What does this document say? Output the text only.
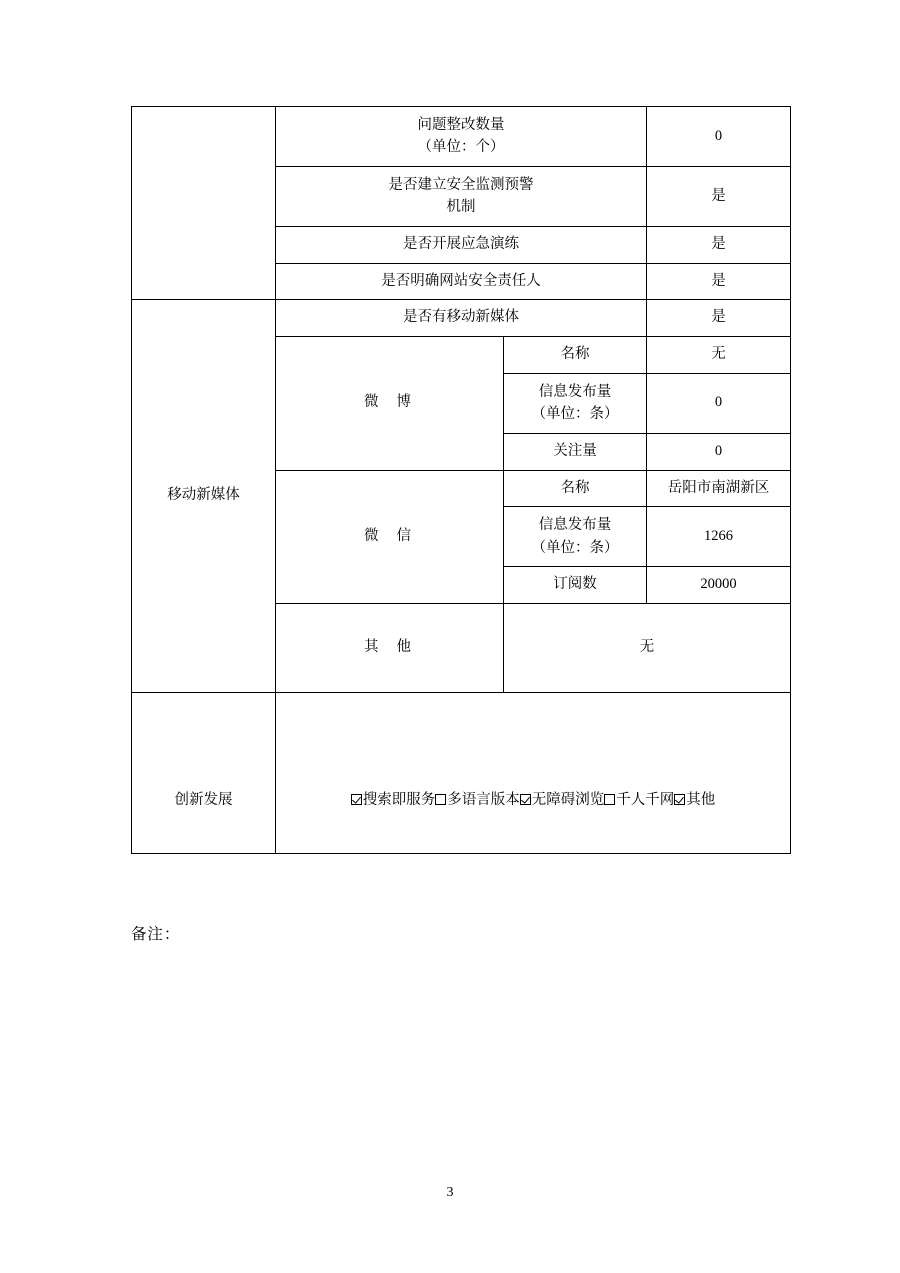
	问题整改数量
（单位：个）		0

	是否建立安全监测预警
机制		是

	是否开展应急演练		是

	是否明确网站安全责任人		是

移动新媒体	是否有移动新媒体		是

	微 博	名称	无

		信息发布量
（单位：条）	0

		关注量	0

	微 信	名称	岳阳市南湖新区

		信息发布量
（单位：条）	1266

		订阅数	20000

	其 他	无	

创新发展	搜索即服务 多语言版本 无障碍浏览 千人千网 其他		
备注：
3
